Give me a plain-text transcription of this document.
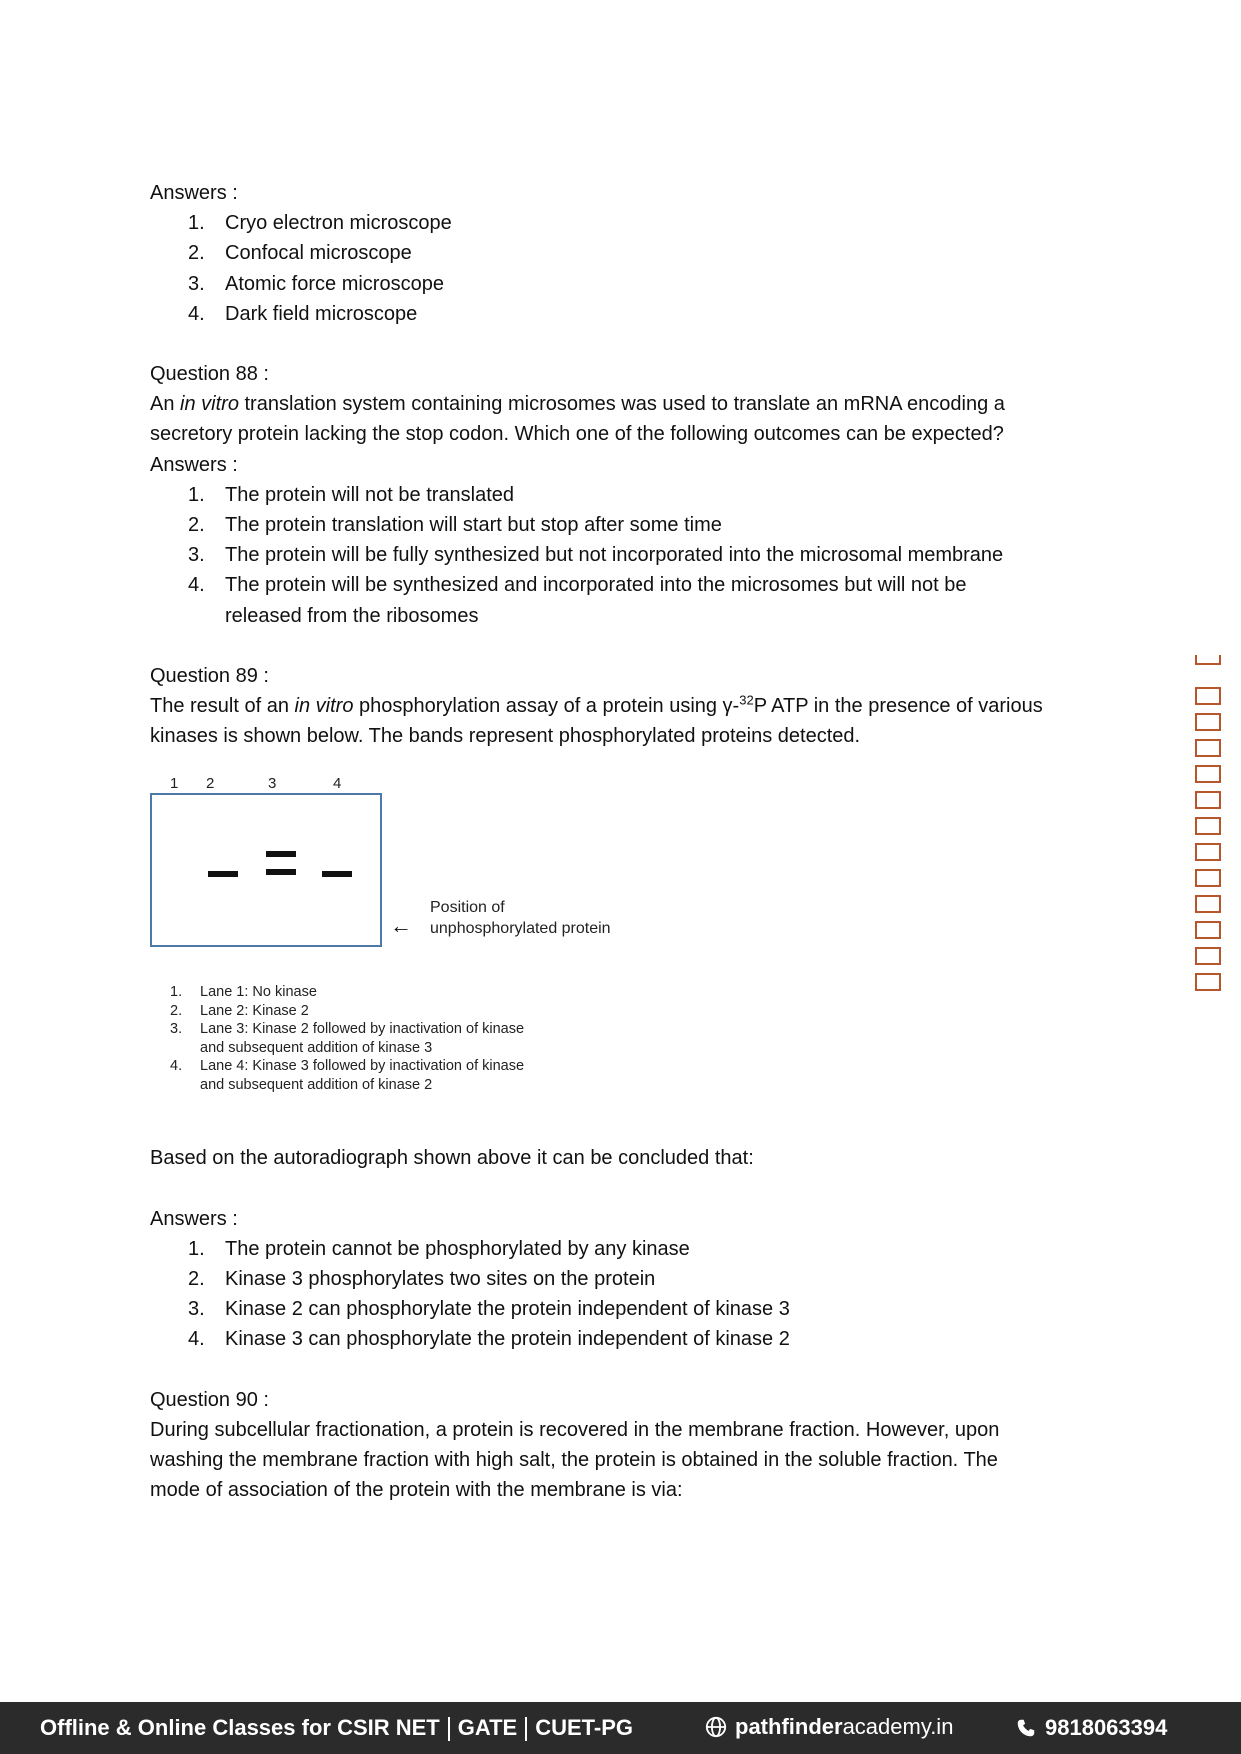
Answers :

1. Cryo electron microscope
2. Confocal microscope
3. Atomic force microscope
4. Dark field microscope

Question 88 :

An in vitro translation system containing microsomes was used to translate an mRNA encoding a

secretory protein lacking the stop codon. Which one of the following outcomes can be expected?

Answers :

1. The protein will not be translated
2. The protein translation will start but stop after some time
3. The protein will be fully synthesized but not incorporated into the microsomal membrane
4. The protein will be synthesized and incorporated into the microsomes but will not be
released from the ribosomes

Question 89 :

The result of an in vitro phosphorylation assay of a protein using γ-$^{32}$P ATP in the presence of various

kinases is shown below. The bands represent phosphorylated proteins detected.

1 2	3	4
←
Position of
unphosphorylated protein
1. Lane 1: No kinase
2. Lane 2: Kinase 2
3. Lane 3: Kinase 2 followed by inactivation of kinase
and subsequent addition of kinase 3
4. Lane 4: Kinase 3 followed by inactivation of kinase
and subsequent addition of kinase 2

Based on the autoradiograph shown above it can be concluded that:

Answers :

1. The protein cannot be phosphorylated by any kinase
2. Kinase 3 phosphorylates two sites on the protein
3. Kinase 2 can phosphorylate the protein independent of kinase 3
4. Kinase 3 can phosphorylate the protein independent of kinase 2

Question 90 :

During subcellular fractionation, a protein is recovered in the membrane fraction. However, upon

washing the membrane fraction with high salt, the protein is obtained in the soluble fraction. The

mode of association of the protein with the membrane is via:

Offline & Online Classes for CSIR NET GATE CUET-PG	pathfinderacademy.in	9818063394
